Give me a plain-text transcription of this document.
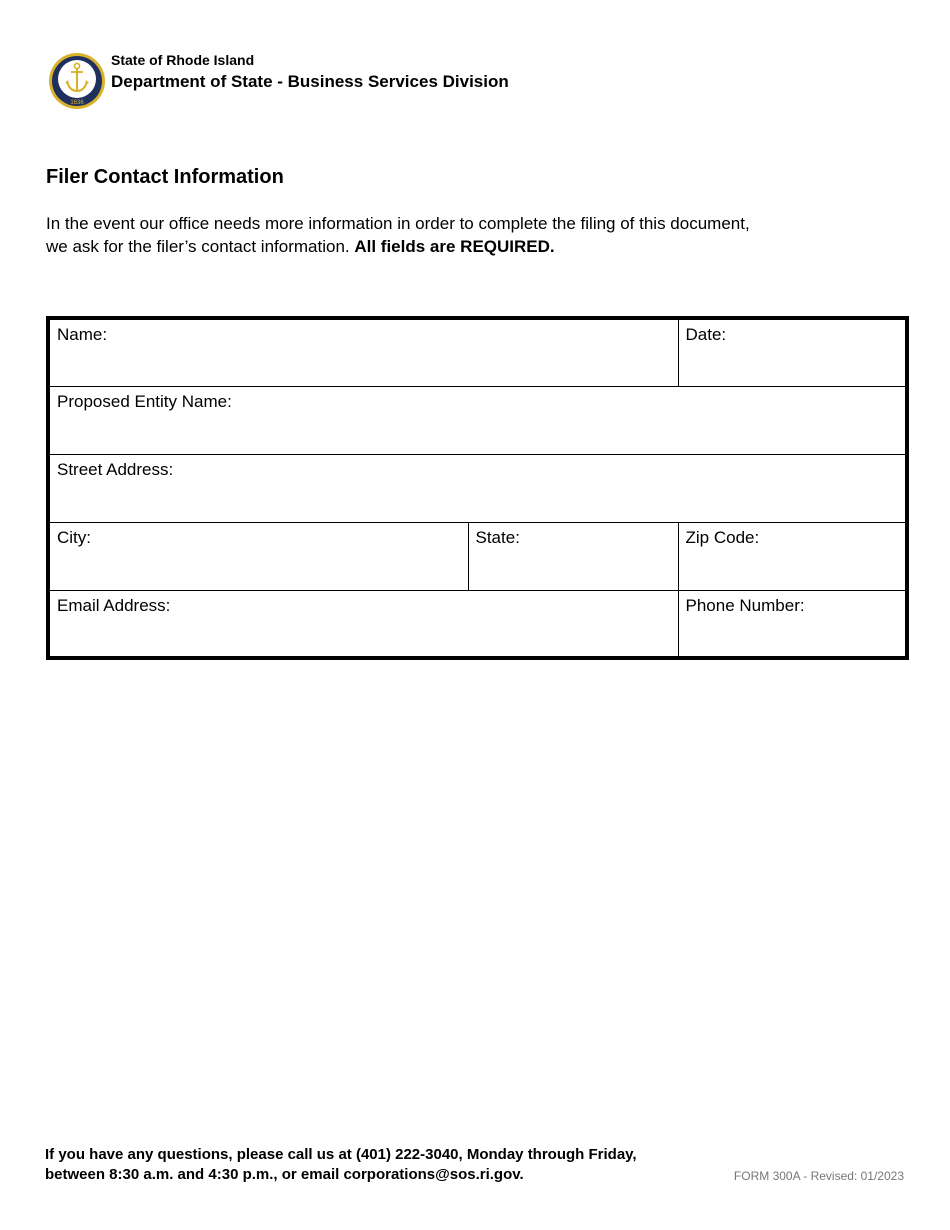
1636
State of Rhode Island
Department of State - Business Services Division
Filer Contact Information

In the event our office needs more information in order to complete the filing of this document, we ask for the filer’s contact information. All fields are REQUIRED.

Name:		Date:
Proposed Entity Name:		
Street Address:		
City:	State:	Zip Code:
Email Address:		Phone Number:
If you have any questions, please call us at (401) 222-3040, Monday through Friday,
between 8:30 a.m. and 4:30 p.m., or email corporations@sos.ri.gov.	FORM 300A - Revised: 01/2023
